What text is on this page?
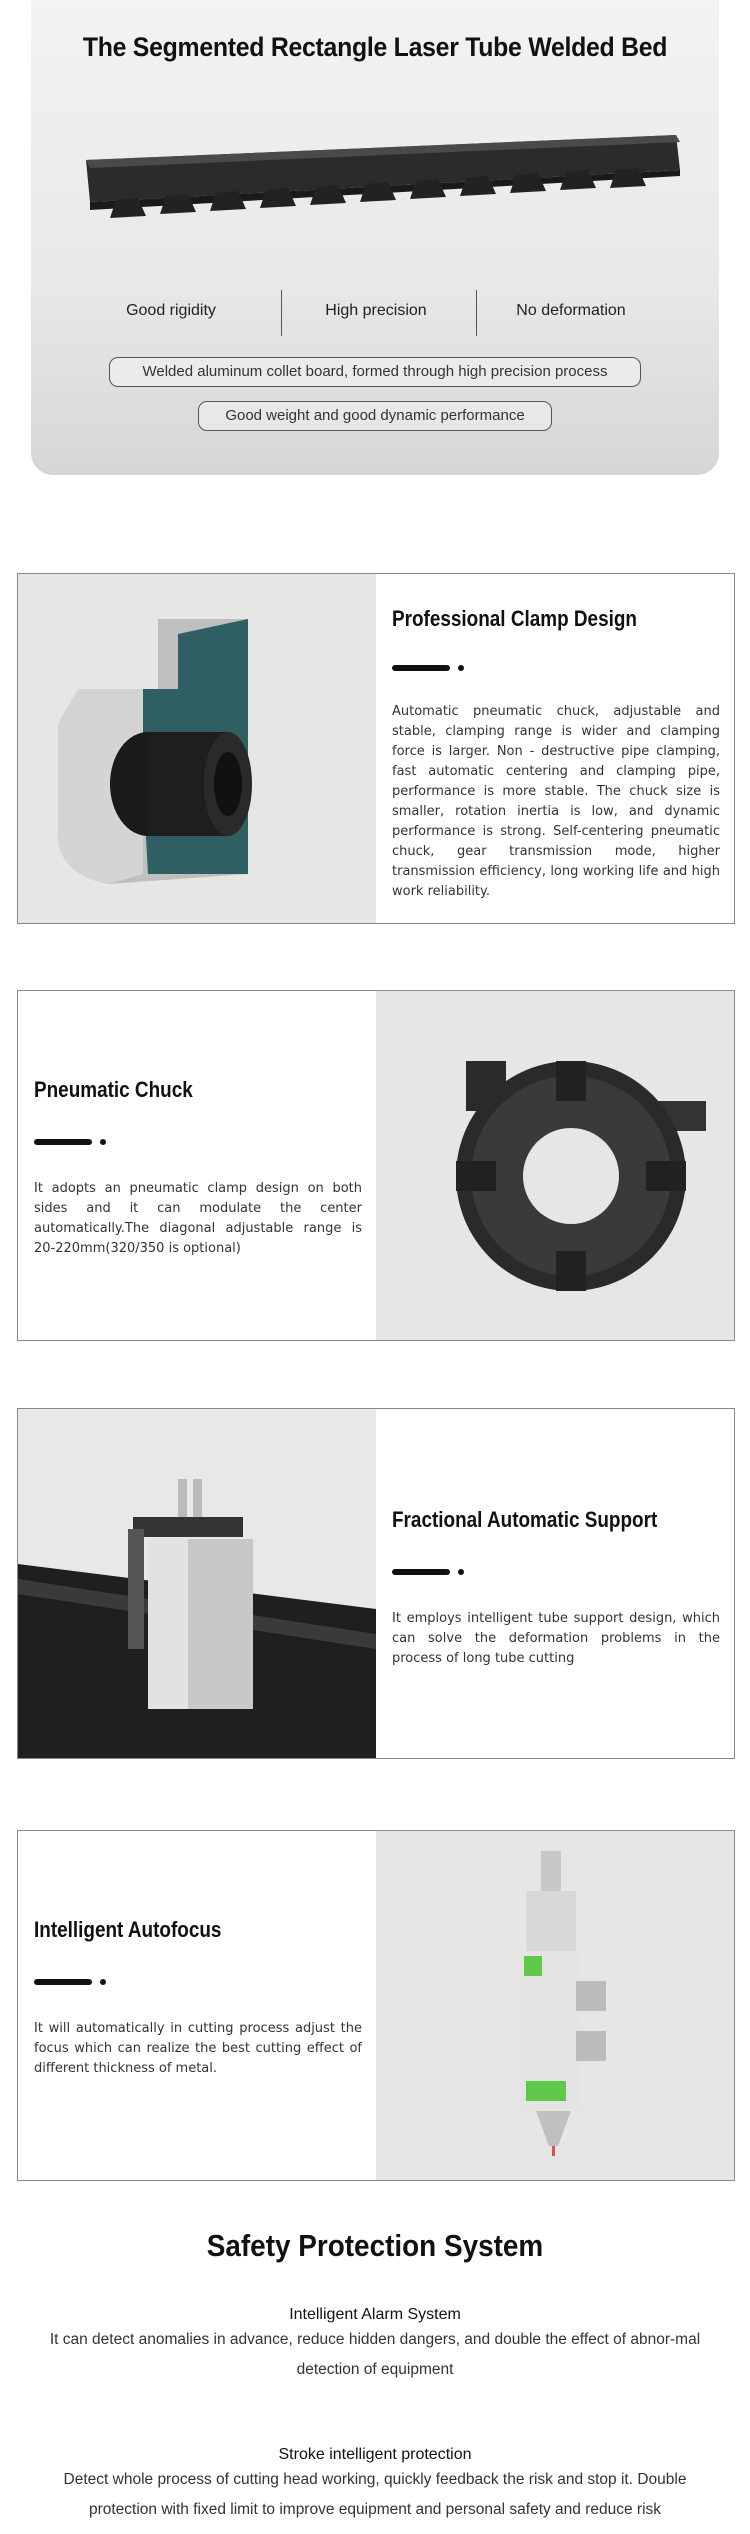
The Segmented Rectangle Laser Tube Welded Bed
Good rigidity	High precision	No deformation
Welded aluminum collet board, formed through high precision process
Good weight and good dynamic performance
Professional Clamp Design

Automatic pneumatic chuck, adjustable and stable, clamping range is wider and clamping force is larger. Non - destructive pipe clamping, fast automatic centering and clamping pipe, performance is more stable. The chuck size is smaller, rotation inertia is low, and dynamic performance is strong. Self-centering pneumatic chuck, gear transmission mode, higher transmission efficiency, long working life and high work reliability.

Pneumatic Chuck

It adopts an pneumatic clamp design on both sides and it can modulate the center automatically.The diagonal adjustable range is 20-220mm(320/350 is optional)

Fractional Automatic Support

It employs intelligent tube support design, which can solve the deformation problems in the process of long tube cutting

Intelligent Autofocus

It will automatically in cutting process adjust the focus which can realize the best cutting effect of different thickness of metal.

Safety Protection System
Intelligent Alarm System

It can detect anomalies in advance, reduce hidden dangers, and double the effect of abnor-mal detection of equipment

Stroke intelligent protection

Detect whole process of cutting head working, quickly feedback the risk and stop it. Double protection with fixed limit to improve equipment and personal safety and reduce risk
